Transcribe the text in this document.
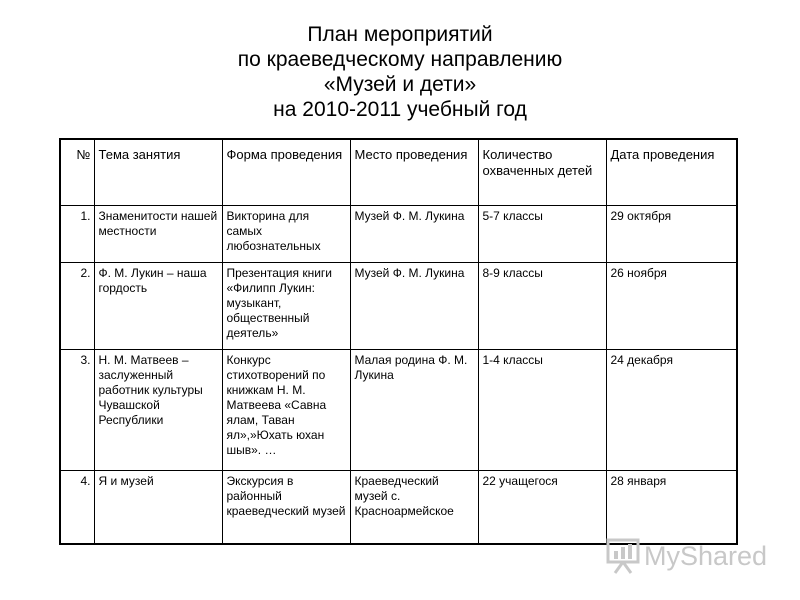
План мероприятий
по краеведческому направлению
«Музей и дети»
на 2010-2011 учебный год
№	Тема занятия	Форма проведения	Место проведения	Количество охваченных детей	Дата проведения
1.	Знаменитости нашей местности	Викторина для самых любознательных	Музей Ф. М. Лукина	5-7 классы	29 октября
2.	Ф. М. Лукин – наша гордость	Презентация книги «Филипп Лукин: музыкант, общественный деятель»	Музей Ф. М. Лукина	8-9 классы	26 ноября
3.	Н. М. Матвеев – заслуженный работник культуры Чувашской Республики	Конкурс стихотворений по книжкам Н. М. Матвеева «Савна ялам, Таван ял»,»Юхать юхан шыв». …	Малая родина Ф. М. Лукина	1-4 классы	24 декабря
4.	Я и музей	Экскурсия в районный краеведческий музей	Краеведческий музей с. Красноармейское	22 учащегося	28 января
MyShared
